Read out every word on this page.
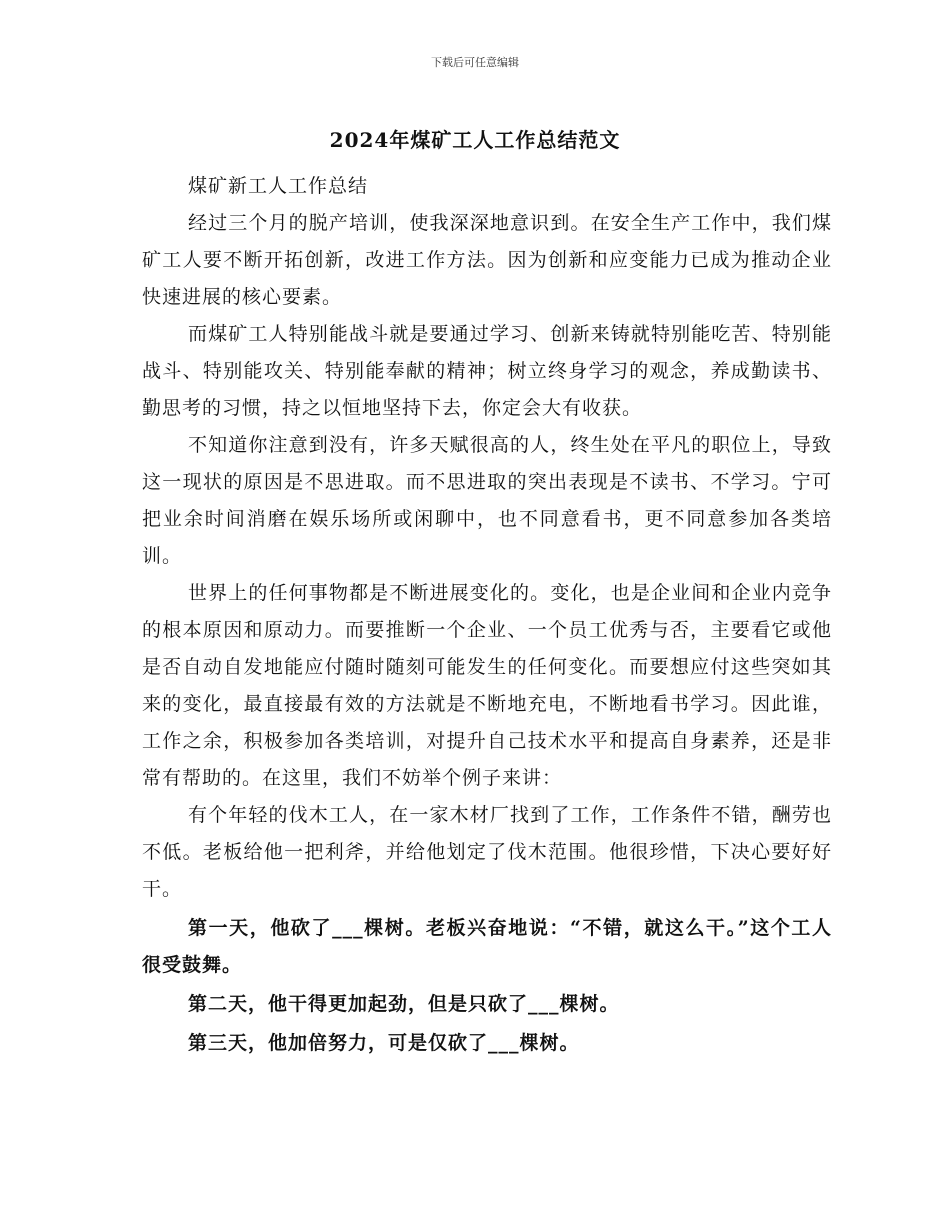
下载后可任意编辑
2024年煤矿工人工作总结范文

煤矿新工人工作总结

经过三个月的脱产培训，使我深深地意识到。在安全生产工作中，我们煤矿工人要不断开拓创新，改进工作方法。因为创新和应变能力已成为推动企业快速进展的核心要素。

而煤矿工人特别能战斗就是要通过学习、创新来铸就特别能吃苦、特别能战斗、特别能攻关、特别能奉献的精神；树立终身学习的观念，养成勤读书、勤思考的习惯，持之以恒地坚持下去，你定会大有收获。

不知道你注意到没有，许多天赋很高的人，终生处在平凡的职位上，导致这一现状的原因是不思进取。而不思进取的突出表现是不读书、不学习。宁可把业余时间消磨在娱乐场所或闲聊中，也不同意看书，更不同意参加各类培训。

世界上的任何事物都是不断进展变化的。变化，也是企业间和企业内竞争的根本原因和原动力。而要推断一个企业、一个员工优秀与否，主要看它或他是否自动自发地能应付随时随刻可能发生的任何变化。而要想应付这些突如其来的变化，最直接最有效的方法就是不断地充电，不断地看书学习。因此谁，工作之余，积极参加各类培训，对提升自己技术水平和提高自身素养，还是非常有帮助的。在这里，我们不妨举个例子来讲：

有个年轻的伐木工人，在一家木材厂找到了工作，工作条件不错，酬劳也不低。老板给他一把利斧，并给他划定了伐木范围。他很珍惜，下决心要好好干。

第一天，他砍了___棵树。老板兴奋地说：“不错，就这么干。”这个工人很受鼓舞。

第二天，他干得更加起劲，但是只砍了___棵树。

第三天，他加倍努力，可是仅砍了___棵树。
